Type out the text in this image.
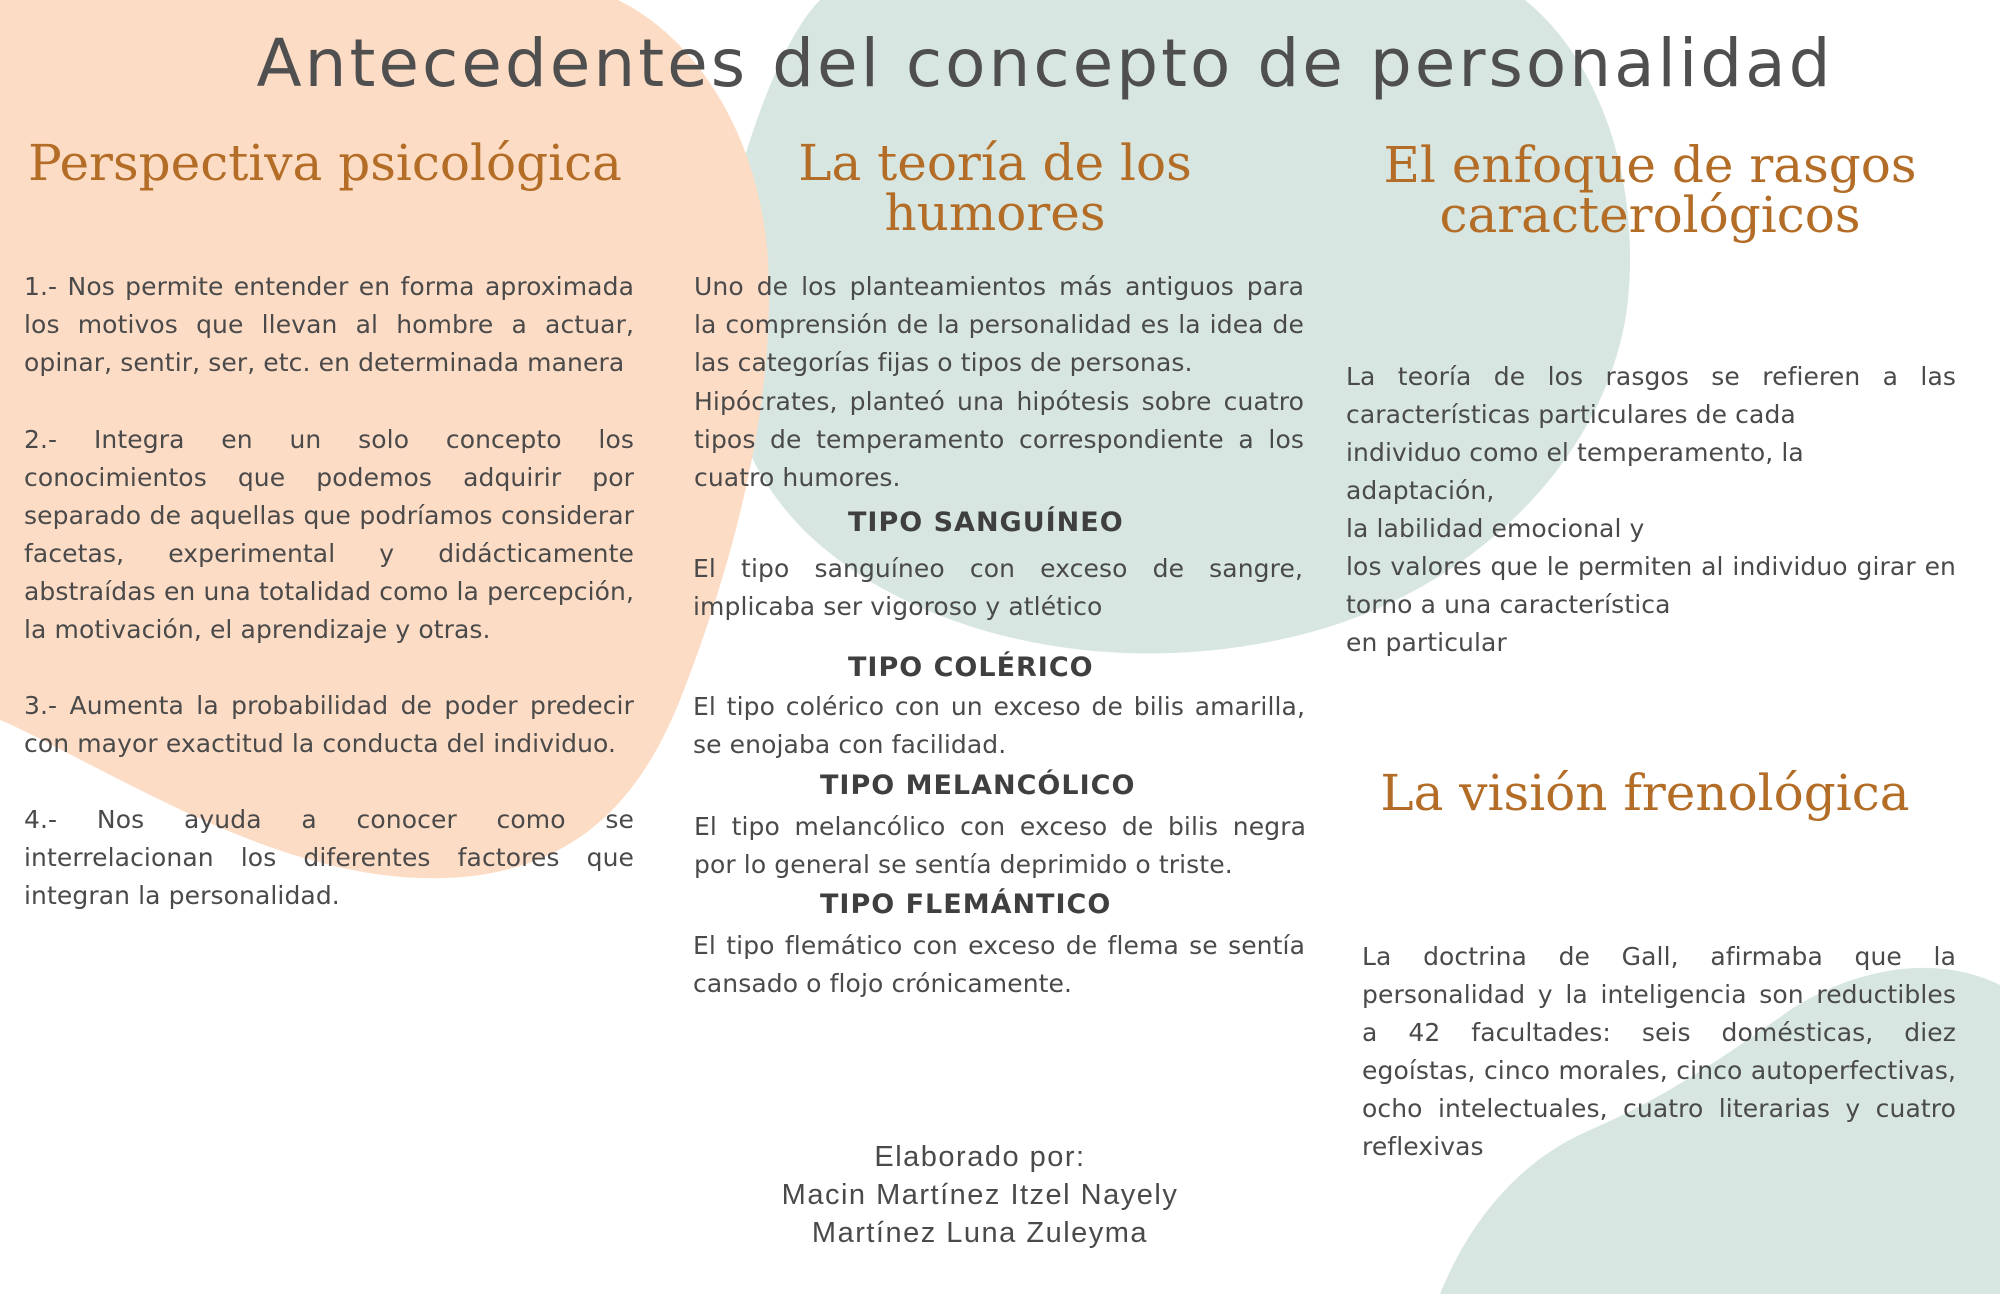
Antecedentes del concepto de personalidad
Perspectiva psicológica

1.- Nos permite entender en forma aproximada los motivos que llevan al hombre a actuar, opinar, sentir, ser, etc. en determinada manera

2.- Integra en un solo concepto los conocimientos que podemos adquirir por separado de aquellas que podríamos considerar facetas, experimental y didácticamente abstraídas en una totalidad como la percepción, la motivación, el aprendizaje y otras.

3.- Aumenta la probabilidad de poder predecir con mayor exactitud la conducta del individuo.

4.- Nos ayuda a conocer como se interrelacionan los diferentes factores que integran la personalidad.

La teoría de los humores

Uno de los planteamientos más antiguos para la comprensión de la personalidad es la idea de las categorías fijas o tipos de personas.

Hipócrates, planteó una hipótesis sobre cuatro tipos de temperamento correspondiente a los cuatro humores.

TIPO SANGUÍNEO

El tipo sanguíneo con exceso de sangre, implicaba ser vigoroso y atlético

TIPO COLÉRICO

El tipo colérico con un exceso de bilis amarilla, se enojaba con facilidad.

TIPO MELANCÓLICO

El tipo melancólico con exceso de bilis negra por lo general se sentía deprimido o triste.

TIPO FLEMÁNTICO

El tipo flemático con exceso de flema se sentía cansado o flojo crónicamente.

El enfoque de rasgos
caracterológicos

La teoría de los rasgos se refieren a las
características particulares de cada
individuo como el temperamento, la adaptación,
la labilidad emocional y
los valores que le permiten al individuo girar en
torno a una característica
en particular

La visión frenológica

La doctrina de Gall, afirmaba que la personalidad y la inteligencia son reductibles a 42 facultades: seis domésticas, diez egoístas, cinco morales, cinco autoperfectivas, ocho intelectuales, cuatro literarias y cuatro reflexivas

Elaborado por:
Macin Martínez Itzel Nayely
Martínez Luna Zuleyma
